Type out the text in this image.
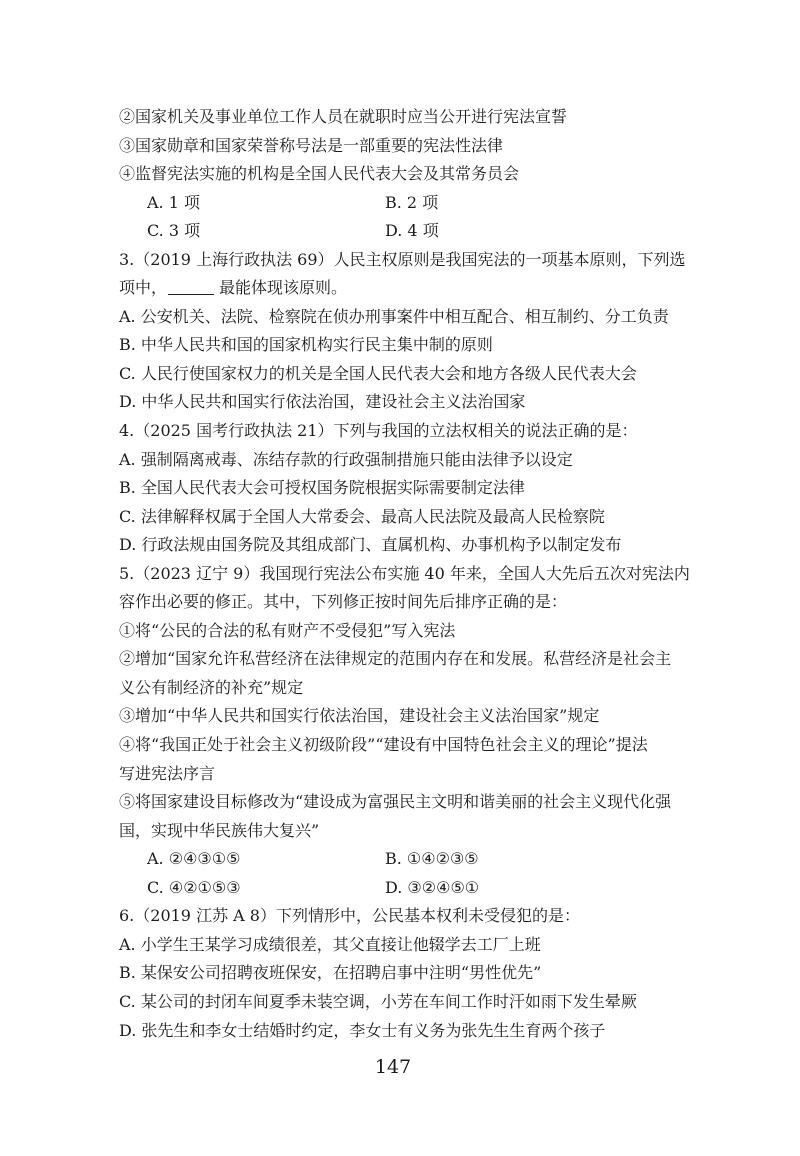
②国家机关及事业单位工作人员在就职时应当公开进行宪法宣誓
③国家勋章和国家荣誉称号法是一部重要的宪法性法律
④监督宪法实施的机构是全国人民代表大会及其常务员会
A. 1 项	B. 2 项
C. 3 项	D. 4 项
3.（2019 上海行政执法 69）人民主权原则是我国宪法的一项基本原则，下列选
项中，	最能体现该原则。
A. 公安机关、法院、检察院在侦办刑事案件中相互配合、相互制约、分工负责
B. 中华人民共和国的国家机构实行民主集中制的原则
C. 人民行使国家权力的机关是全国人民代表大会和地方各级人民代表大会
D. 中华人民共和国实行依法治国，建设社会主义法治国家
4.（2025 国考行政执法 21）下列与我国的立法权相关的说法正确的是：
A. 强制隔离戒毒、冻结存款的行政强制措施只能由法律予以设定
B. 全国人民代表大会可授权国务院根据实际需要制定法律
C. 法律解释权属于全国人大常委会、最高人民法院及最高人民检察院
D. 行政法规由国务院及其组成部门、直属机构、办事机构予以制定发布
5.（2023 辽宁 9）我国现行宪法公布实施 40 年来，全国人大先后五次对宪法内
容作出必要的修正。其中，下列修正按时间先后排序正确的是：
①将“公民的合法的私有财产不受侵犯”写入宪法
②增加“国家允许私营经济在法律规定的范围内存在和发展。私营经济是社会主
义公有制经济的补充”规定
③增加“中华人民共和国实行依法治国，建设社会主义法治国家”规定
④将“我国正处于社会主义初级阶段”“建设有中国特色社会主义的理论”提法
写进宪法序言
⑤将国家建设目标修改为“建设成为富强民主文明和谐美丽的社会主义现代化强
国，实现中华民族伟大复兴”
A. ②④③①⑤	B. ①④②③⑤
C. ④②①⑤③	D. ③②④⑤①
6.（2019 江苏 A 8）下列情形中，公民基本权利未受侵犯的是：
A. 小学生王某学习成绩很差，其父直接让他辍学去工厂上班
B. 某保安公司招聘夜班保安，在招聘启事中注明“男性优先”
C. 某公司的封闭车间夏季未装空调，小芳在车间工作时汗如雨下发生晕厥
D. 张先生和李女士结婚时约定，李女士有义务为张先生生育两个孩子
147
